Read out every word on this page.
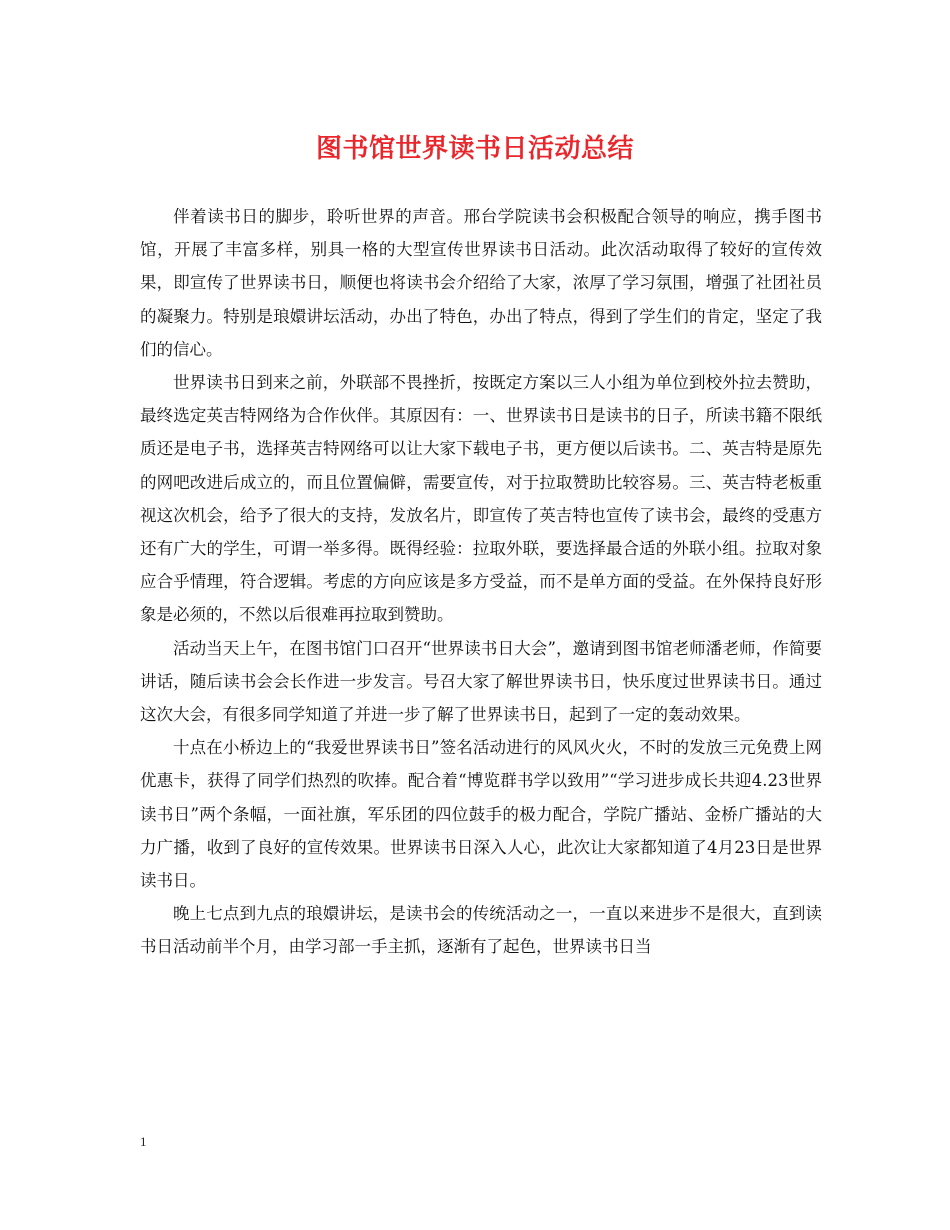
图书馆世界读书日活动总结

伴着读书日的脚步，聆听世界的声音。邢台学院读书会积极配合领导的响应，携手图书馆，开展了丰富多样，别具一格的大型宣传世界读书日活动。此次活动取得了较好的宣传效果，即宣传了世界读书日，顺便也将读书会介绍给了大家，浓厚了学习氛围，增强了社团社员的凝聚力。特别是琅嬛讲坛活动，办出了特色，办出了特点，得到了学生们的肯定，坚定了我们的信心。

世界读书日到来之前，外联部不畏挫折，按既定方案以三人小组为单位到校外拉去赞助，最终选定英吉特网络为合作伙伴。其原因有：一、世界读书日是读书的日子，所读书籍不限纸质还是电子书，选择英吉特网络可以让大家下载电子书，更方便以后读书。二、英吉特是原先的网吧改进后成立的，而且位置偏僻，需要宣传，对于拉取赞助比较容易。三、英吉特老板重视这次机会，给予了很大的支持，发放名片，即宣传了英吉特也宣传了读书会，最终的受惠方还有广大的学生，可谓一举多得。既得经验：拉取外联，要选择最合适的外联小组。拉取对象应合乎情理，符合逻辑。考虑的方向应该是多方受益，而不是单方面的受益。在外保持良好形象是必须的，不然以后很难再拉取到赞助。

活动当天上午，在图书馆门口召开“世界读书日大会”，邀请到图书馆老师潘老师，作简要讲话，随后读书会会长作进一步发言。号召大家了解世界读书日，快乐度过世界读书日。通过这次大会，有很多同学知道了并进一步了解了世界读书日，起到了一定的轰动效果。

十点在小桥边上的“我爱世界读书日”签名活动进行的风风火火，不时的发放三元免费上网优惠卡，获得了同学们热烈的吹捧。配合着“博览群书学以致用”“学习进步成长共迎4.23世界读书日”两个条幅，一面社旗，军乐团的四位鼓手的极力配合，学院广播站、金桥广播站的大力广播，收到了良好的宣传效果。世界读书日深入人心，此次让大家都知道了4月23日是世界读书日。

晚上七点到九点的琅嬛讲坛，是读书会的传统活动之一，一直以来进步不是很大，直到读书日活动前半个月，由学习部一手主抓，逐渐有了起色，世界读书日当

1
